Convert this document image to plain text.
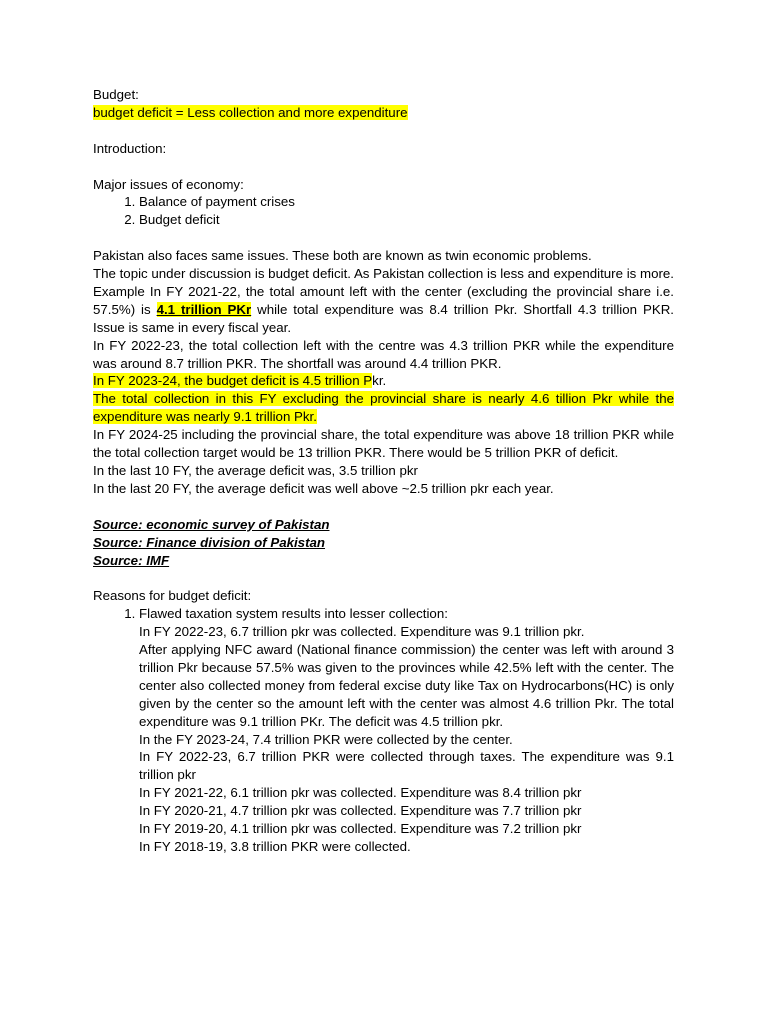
Budget:

budget deficit = Less collection and more expenditure

Introduction:

Major issues of economy:

1. Balance of payment crises
2. Budget deficit

Pakistan also faces same issues. These both are known as twin economic problems.

The topic under discussion is budget deficit. As Pakistan collection is less and expenditure is more. Example In FY 2021-22, the total amount left with the center (excluding the provincial share i.e. 57.5%) is 4.1 trillion PKr while total expenditure was 8.4 trillion Pkr. Shortfall 4.3 trillion PKR. Issue is same in every fiscal year.

In FY 2022-23, the total collection left with the centre was 4.3 trillion PKR while the expenditure was around 8.7 trillion PKR. The shortfall was around 4.4 trillion PKR.

In FY 2023-24, the budget deficit is 4.5 trillion Pkr.

The total collection in this FY excluding the provincial share is nearly 4.6 tillion Pkr while the expenditure was nearly 9.1 trillion Pkr.

In FY 2024-25 including the provincial share, the total expenditure was above 18 trillion PKR while the total collection target would be 13 trillion PKR. There would be 5 trillion PKR of deficit.

In the last 10 FY, the average deficit was, 3.5 trillion pkr

In the last 20 FY, the average deficit was well above ~2.5 trillion pkr each year.

Source: economic survey of Pakistan

Source: Finance division of Pakistan

Source: IMF

Reasons for budget deficit:

1. Flawed taxation system results into lesser collection:

In FY 2022-23, 6.7 trillion pkr was collected. Expenditure was 9.1 trillion pkr.

After applying NFC award (National finance commission) the center was left with around 3 trillion Pkr because 57.5% was given to the provinces while 42.5% left with the center. The center also collected money from federal excise duty like Tax on Hydrocarbons(HC) is only given by the center so the amount left with the center was almost 4.6 trillion Pkr. The total expenditure was 9.1 trillion PKr. The deficit was 4.5 trillion pkr.

In the FY 2023-24, 7.4 trillion PKR were collected by the center.

In FY 2022-23, 6.7 trillion PKR were collected through taxes. The expenditure was 9.1 trillion pkr

In FY 2021-22, 6.1 trillion pkr was collected. Expenditure was 8.4 trillion pkr

In FY 2020-21, 4.7 trillion pkr was collected. Expenditure was 7.7 trillion pkr

In FY 2019-20, 4.1 trillion pkr was collected. Expenditure was 7.2 trillion pkr

In FY 2018-19, 3.8 trillion PKR were collected.
